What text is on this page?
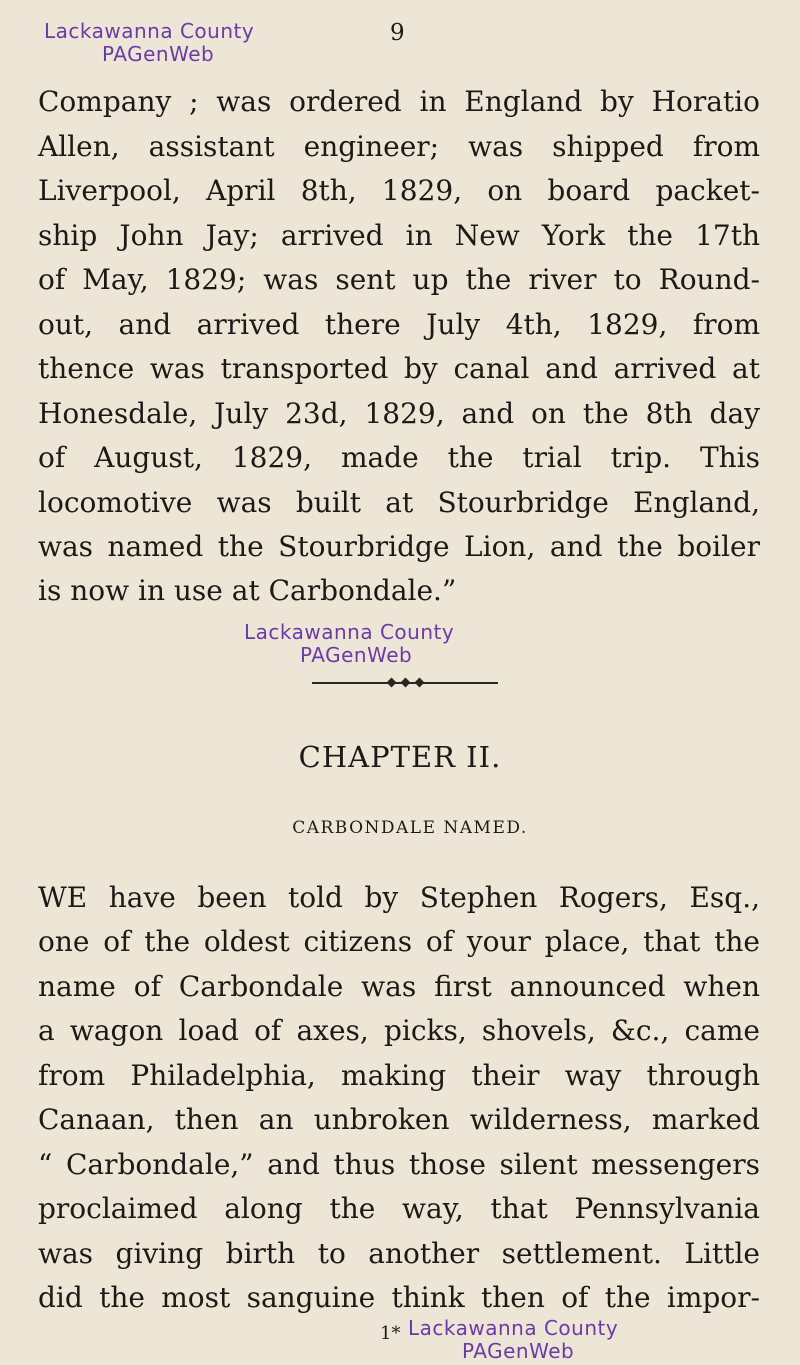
Lackawanna County
PAGenWeb
9
Company ; was ordered in England by Horatio
Allen, assistant engineer; was shipped from
Liverpool, April 8th, 1829, on board packet-
ship John Jay; arrived in New York the 17th
of May, 1829; was sent up the river to Round-
out, and arrived there July 4th, 1829, from
thence was transported by canal and arrived at
Honesdale, July 23d, 1829, and on the 8th day
of August, 1829, made the trial trip. This
locomotive was built at Stourbridge England,
was named the Stourbridge Lion, and the boiler
is now in use at Carbondale.”
Lackawanna County
PAGenWeb
CHAPTER II.
CARBONDALE NAMED.
WE have been told by Stephen Rogers, Esq.,
one of the oldest citizens of your place, that the
name of Carbondale was first announced when
a wagon load of axes, picks, shovels, &c., came
from Philadelphia, making their way through
Canaan, then an unbroken wilderness, marked
“ Carbondale,” and thus those silent messengers
proclaimed along the way, that Pennsylvania
was giving birth to another settlement. Little
did the most sanguine think then of the impor-
1* Lackawanna County
PAGenWeb
